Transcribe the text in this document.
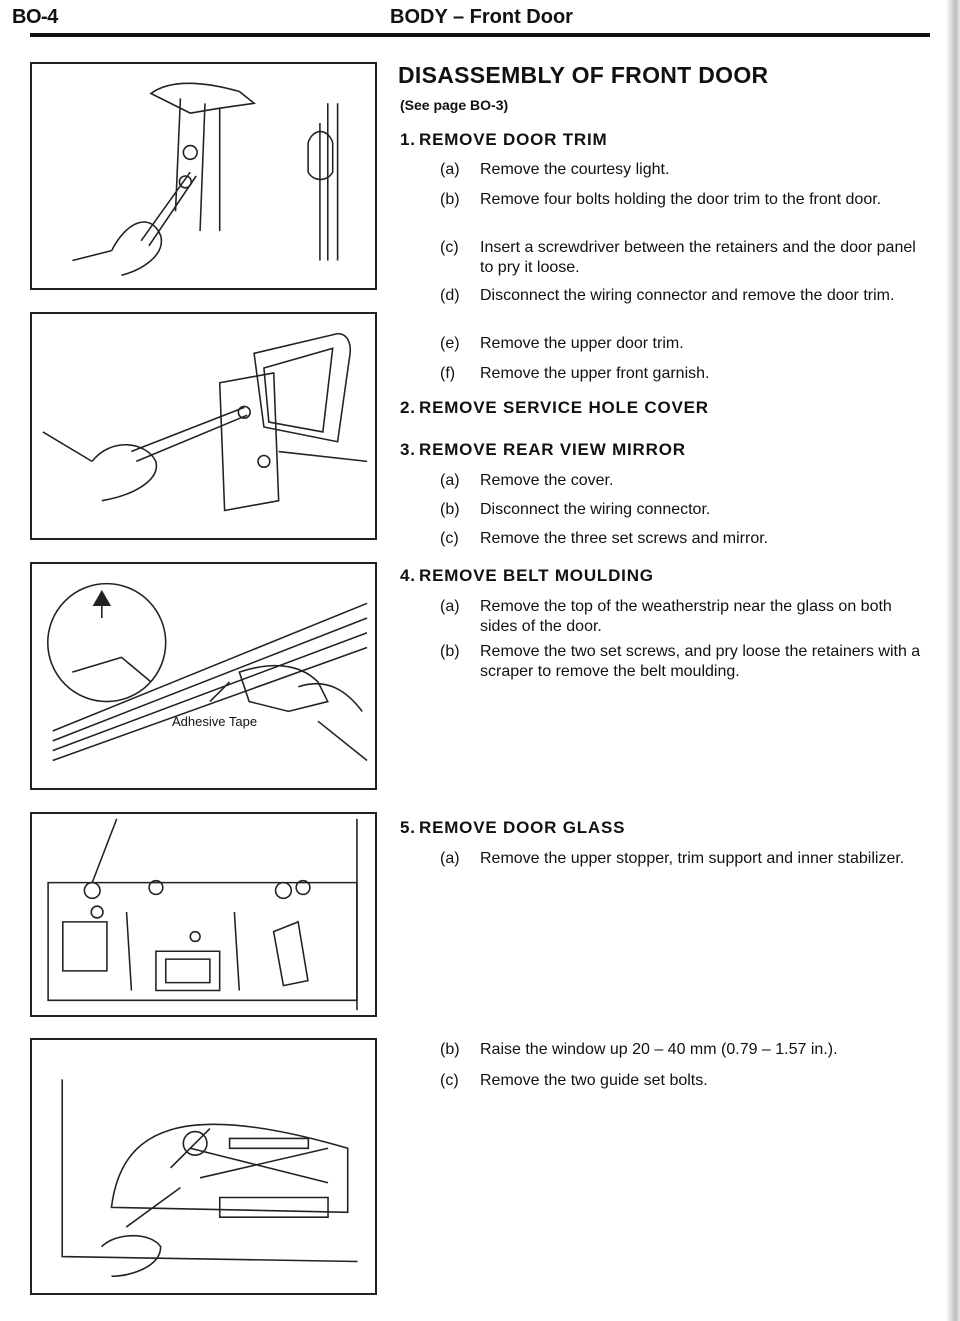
BO-4	BODY – Front Door
Adhesive Tape
DISASSEMBLY OF FRONT DOOR
(See page BO-3)
1. REMOVE DOOR TRIM
(a)	Remove the courtesy light.
(b)	Remove four bolts holding the door trim to the front door.
(c)	Insert a screwdriver between the retainers and the door panel to pry it loose.
(d)	Disconnect the wiring connector and remove the door trim.
(e)	Remove the upper door trim.
(f)	Remove the upper front garnish.
2. REMOVE SERVICE HOLE COVER
3. REMOVE REAR VIEW MIRROR
(a)	Remove the cover.
(b)	Disconnect the wiring connector.
(c)	Remove the three set screws and mirror.
4. REMOVE BELT MOULDING
(a)	Remove the top of the weatherstrip near the glass on both sides of the door.
(b)	Remove the two set screws, and pry loose the retainers with a scraper to remove the belt moulding.
5. REMOVE DOOR GLASS
(a)	Remove the upper stopper, trim support and inner stabilizer.
(b)	Raise the window up 20 – 40 mm (0.79 – 1.57 in.).
(c)	Remove the two guide set bolts.
